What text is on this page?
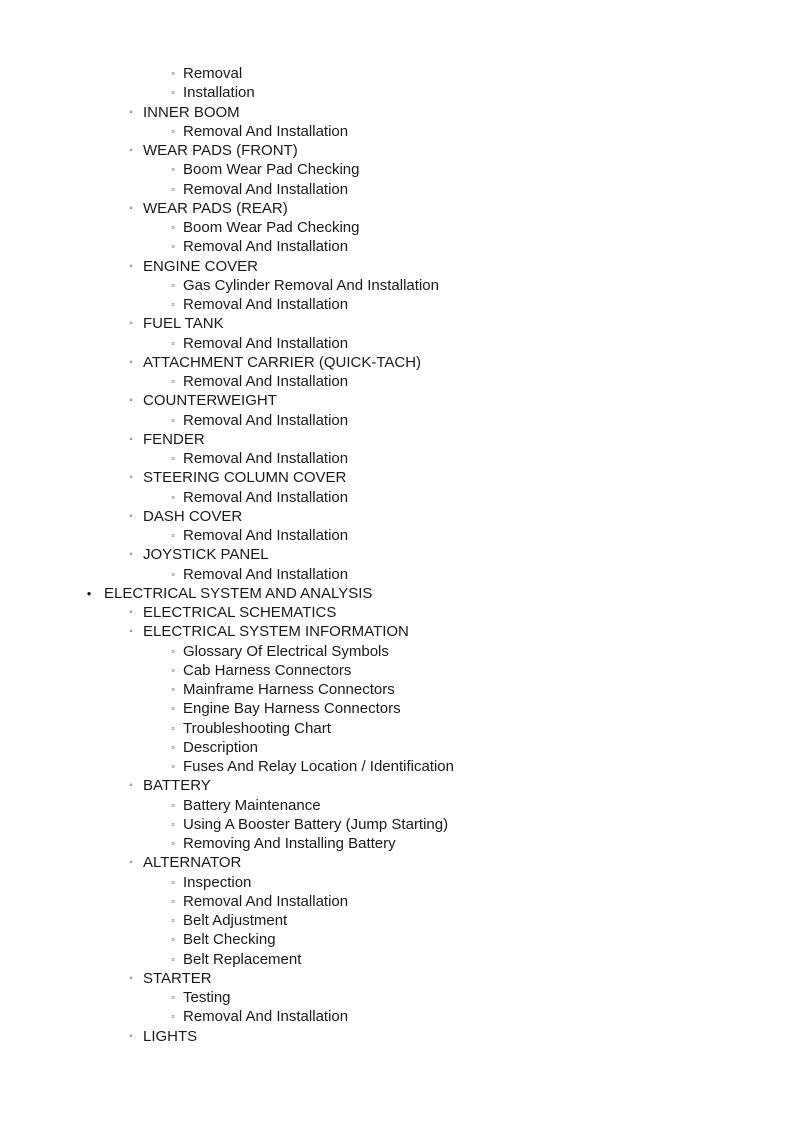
▫ Removal
▫ Installation
◦ INNER BOOM
▫ Removal And Installation
◦ WEAR PADS (FRONT)
▫ Boom Wear Pad Checking
▫ Removal And Installation
◦ WEAR PADS (REAR)
▫ Boom Wear Pad Checking
▫ Removal And Installation
◦ ENGINE COVER
▫ Gas Cylinder Removal And Installation
▫ Removal And Installation
◦ FUEL TANK
▫ Removal And Installation
◦ ATTACHMENT CARRIER (QUICK-TACH)
▫ Removal And Installation
◦ COUNTERWEIGHT
▫ Removal And Installation
◦ FENDER
▫ Removal And Installation
◦ STEERING COLUMN COVER
▫ Removal And Installation
◦ DASH COVER
▫ Removal And Installation
◦ JOYSTICK PANEL
▫ Removal And Installation
• ELECTRICAL SYSTEM AND ANALYSIS
◦ ELECTRICAL SCHEMATICS
◦ ELECTRICAL SYSTEM INFORMATION
▫ Glossary Of Electrical Symbols
▫ Cab Harness Connectors
▫ Mainframe Harness Connectors
▫ Engine Bay Harness Connectors
▫ Troubleshooting Chart
▫ Description
▫ Fuses And Relay Location / Identification
◦ BATTERY
▫ Battery Maintenance
▫ Using A Booster Battery (Jump Starting)
▫ Removing And Installing Battery
◦ ALTERNATOR
▫ Inspection
▫ Removal And Installation
▫ Belt Adjustment
▫ Belt Checking
▫ Belt Replacement
◦ STARTER
▫ Testing
▫ Removal And Installation
◦ LIGHTS
